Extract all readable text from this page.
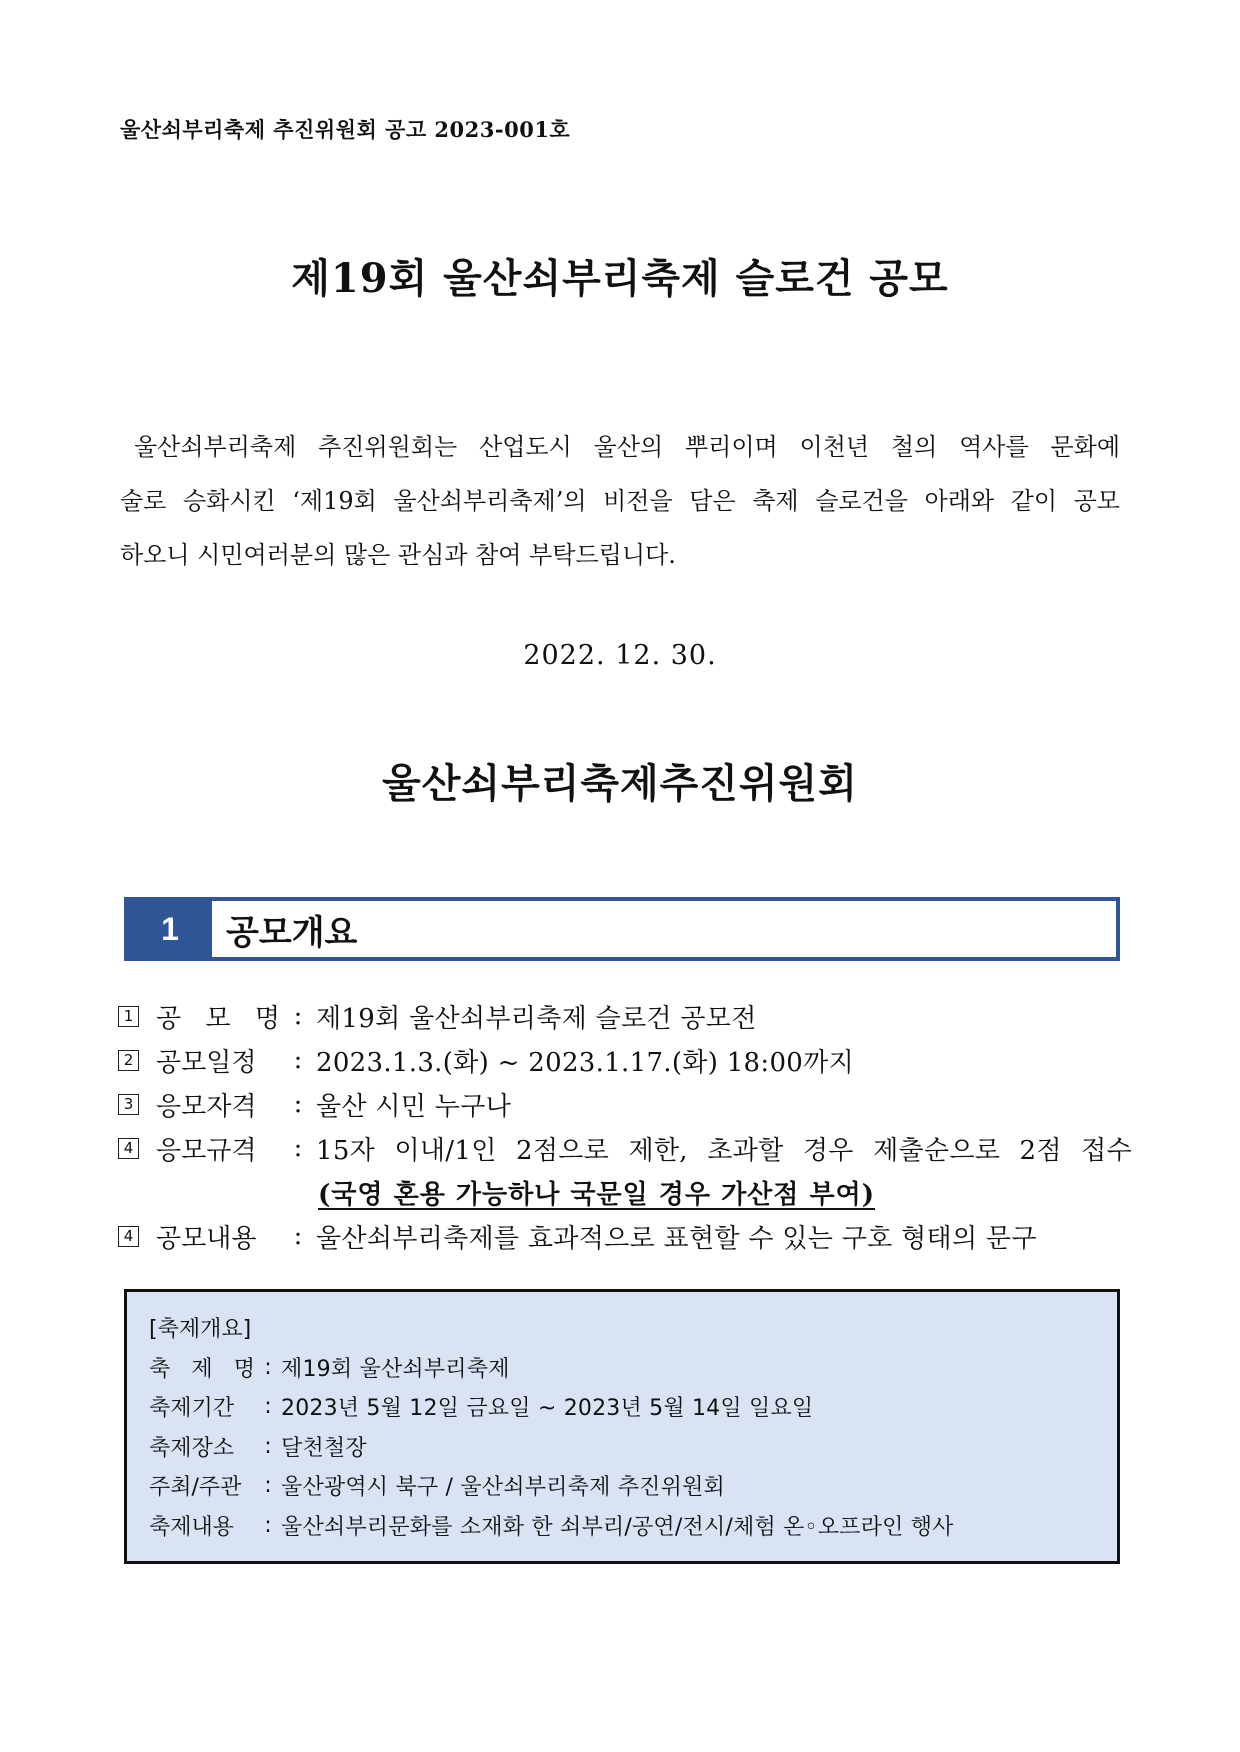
울산쇠부리축제 추진위원회 공고 2023-001호
제19회 울산쇠부리축제 슬로건 공모
울산쇠부리축제 추진위원회는 산업도시 울산의 뿌리이며 이천년 철의 역사를 문화예
술로 승화시킨 ‘제19회 울산쇠부리축제’의 비전을 담은 축제 슬로건을 아래와 같이 공모
하오니 시민여러분의 많은 관심과 참여 부탁드립니다.
2022. 12. 30.
울산쇠부리축제추진위원회
1	공모개요
1 공 모 명 : 제19회 울산쇠부리축제 슬로건 공모전
2 공모일정	: 2023.1.3.(화) ~ 2023.1.17.(화) 18:00까지
3 응모자격	: 울산 시민 누구나
4 응모규격	: 15자 이내/1인 2점으로 제한, 초과할 경우 제출순으로 2점 접수
(국영 혼용 가능하나 국문일 경우 가산점 부여)
4 공모내용	: 울산쇠부리축제를 효과적으로 표현할 수 있는 구호 형태의 문구
[축제개요]
축 제 명 : 제19회 울산쇠부리축제
축제기간	: 2023년 5월 12일 금요일 ~ 2023년 5월 14일 일요일
축제장소	: 달천철장
주최/주관	: 울산광역시 북구 / 울산쇠부리축제 추진위원회
축제내용	: 울산쇠부리문화를 소재화 한 쇠부리/공연/전시/체험 온◦오프라인 행사
